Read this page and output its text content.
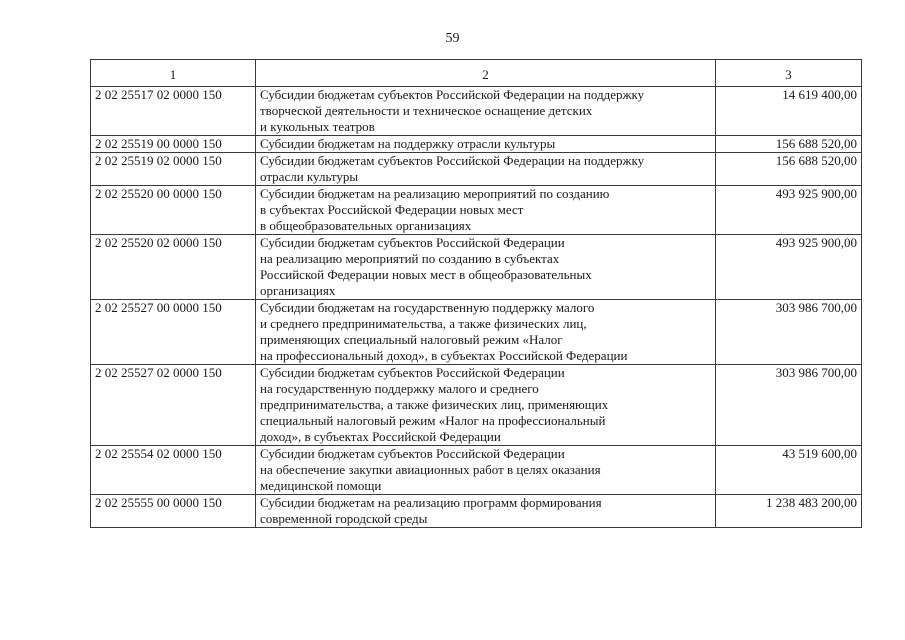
59
1	2	3
2 02 25517 02 0000 150	Субсидии бюджетам субъектов Российской Федерации на поддержку
творческой деятельности и техническое оснащение детских
и кукольных театров	14 619 400,00
2 02 25519 00 0000 150	Субсидии бюджетам на поддержку отрасли культуры	156 688 520,00
2 02 25519 02 0000 150	Субсидии бюджетам субъектов Российской Федерации на поддержку
отрасли культуры	156 688 520,00
2 02 25520 00 0000 150	Субсидии бюджетам на реализацию мероприятий по созданию
в субъектах Российской Федерации новых мест
в общеобразовательных организациях	493 925 900,00
2 02 25520 02 0000 150	Субсидии бюджетам субъектов Российской Федерации
на реализацию мероприятий по созданию в субъектах
Российской Федерации новых мест в общеобразовательных
организациях	493 925 900,00
2 02 25527 00 0000 150	Субсидии бюджетам на государственную поддержку малого
и среднего предпринимательства, а также физических лиц,
применяющих специальный налоговый режим «Налог
на профессиональный доход», в субъектах Российской Федерации	303 986 700,00
2 02 25527 02 0000 150	Субсидии бюджетам субъектов Российской Федерации
на государственную поддержку малого и среднего
предпринимательства, а также физических лиц, применяющих
специальный налоговый режим «Налог на профессиональный
доход», в субъектах Российской Федерации	303 986 700,00
2 02 25554 02 0000 150	Субсидии бюджетам субъектов Российской Федерации
на обеспечение закупки авиационных работ в целях оказания
медицинской помощи	43 519 600,00
2 02 25555 00 0000 150	Субсидии бюджетам на реализацию программ формирования
современной городской среды	1 238 483 200,00
